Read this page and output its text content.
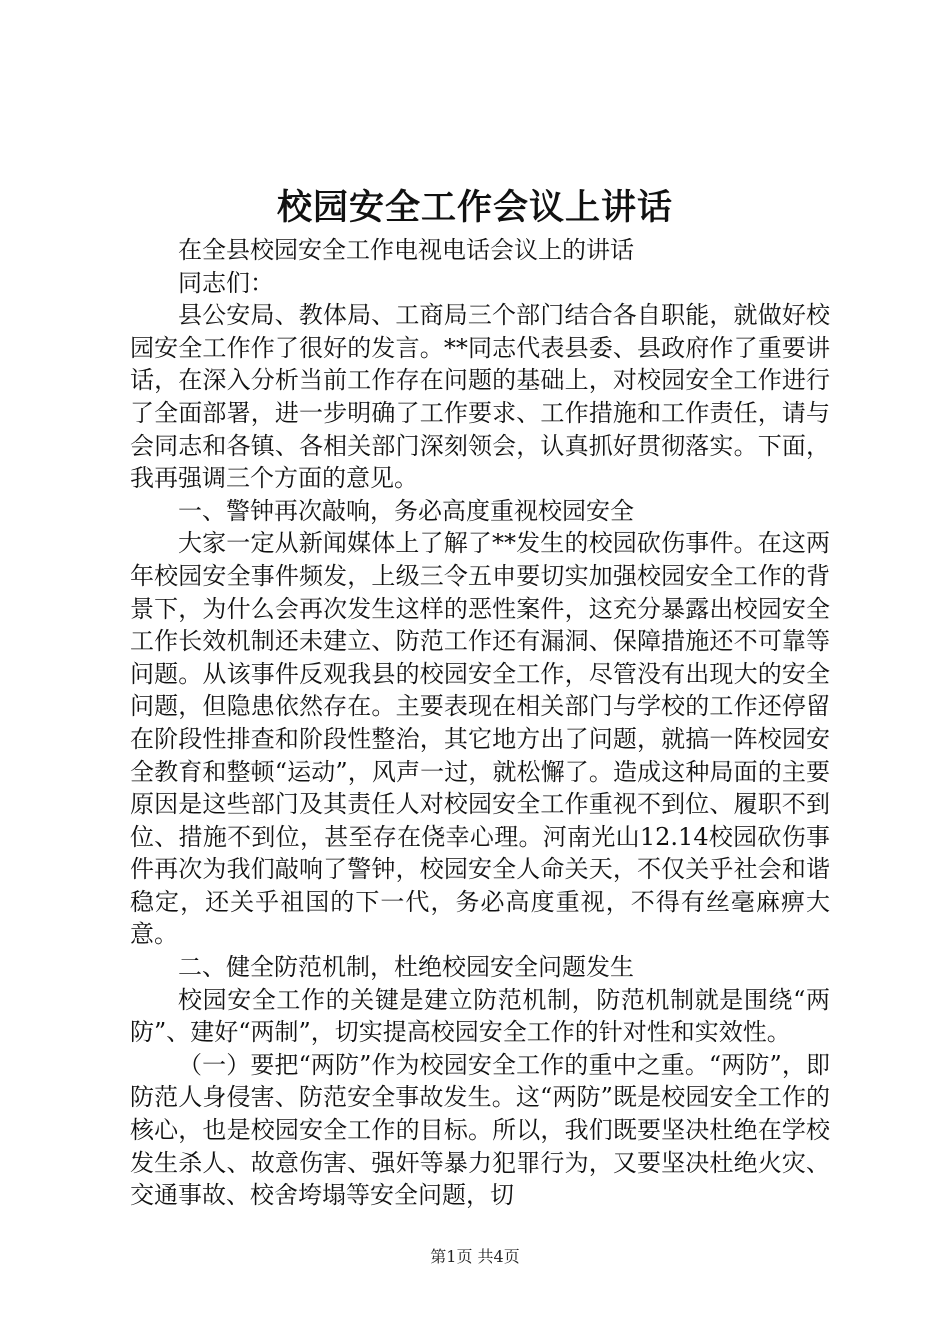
校园安全工作会议上讲话

在全县校园安全工作电视电话会议上的讲话

同志们：

县公安局、教体局、工商局三个部门结合各自职能，就做好校园安全工作作了很好的发言。**同志代表县委、县政府作了重要讲话，在深入分析当前工作存在问题的基础上，对校园安全工作进行了全面部署，进一步明确了工作要求、工作措施和工作责任，请与会同志和各镇、各相关部门深刻领会，认真抓好贯彻落实。下面，我再强调三个方面的意见。

一、警钟再次敲响，务必高度重视校园安全

大家一定从新闻媒体上了解了**发生的校园砍伤事件。在这两年校园安全事件频发，上级三令五申要切实加强校园安全工作的背景下，为什么会再次发生这样的恶性案件，这充分暴露出校园安全工作长效机制还未建立、防范工作还有漏洞、保障措施还不可靠等问题。从该事件反观我县的校园安全工作，尽管没有出现大的安全问题，但隐患依然存在。主要表现在相关部门与学校的工作还停留在阶段性排查和阶段性整治，其它地方出了问题，就搞一阵校园安全教育和整顿“运动”，风声一过，就松懈了。造成这种局面的主要原因是这些部门及其责任人对校园安全工作重视不到位、履职不到位、措施不到位，甚至存在侥幸心理。河南光山12.14校园砍伤事件再次为我们敲响了警钟，校园安全人命关天，不仅关乎社会和谐稳定，还关乎祖国的下一代，务必高度重视，不得有丝毫麻痹大意。

二、健全防范机制，杜绝校园安全问题发生

校园安全工作的关键是建立防范机制，防范机制就是围绕“两防”、建好“两制”，切实提高校园安全工作的针对性和实效性。

（一）要把“两防”作为校园安全工作的重中之重。“两防”，即防范人身侵害、防范安全事故发生。这“两防”既是校园安全工作的核心，也是校园安全工作的目标。所以，我们既要坚决杜绝在学校发生杀人、故意伤害、强奸等暴力犯罪行为，又要坚决杜绝火灾、交通事故、校舍垮塌等安全问题，切

第1页 共4页
